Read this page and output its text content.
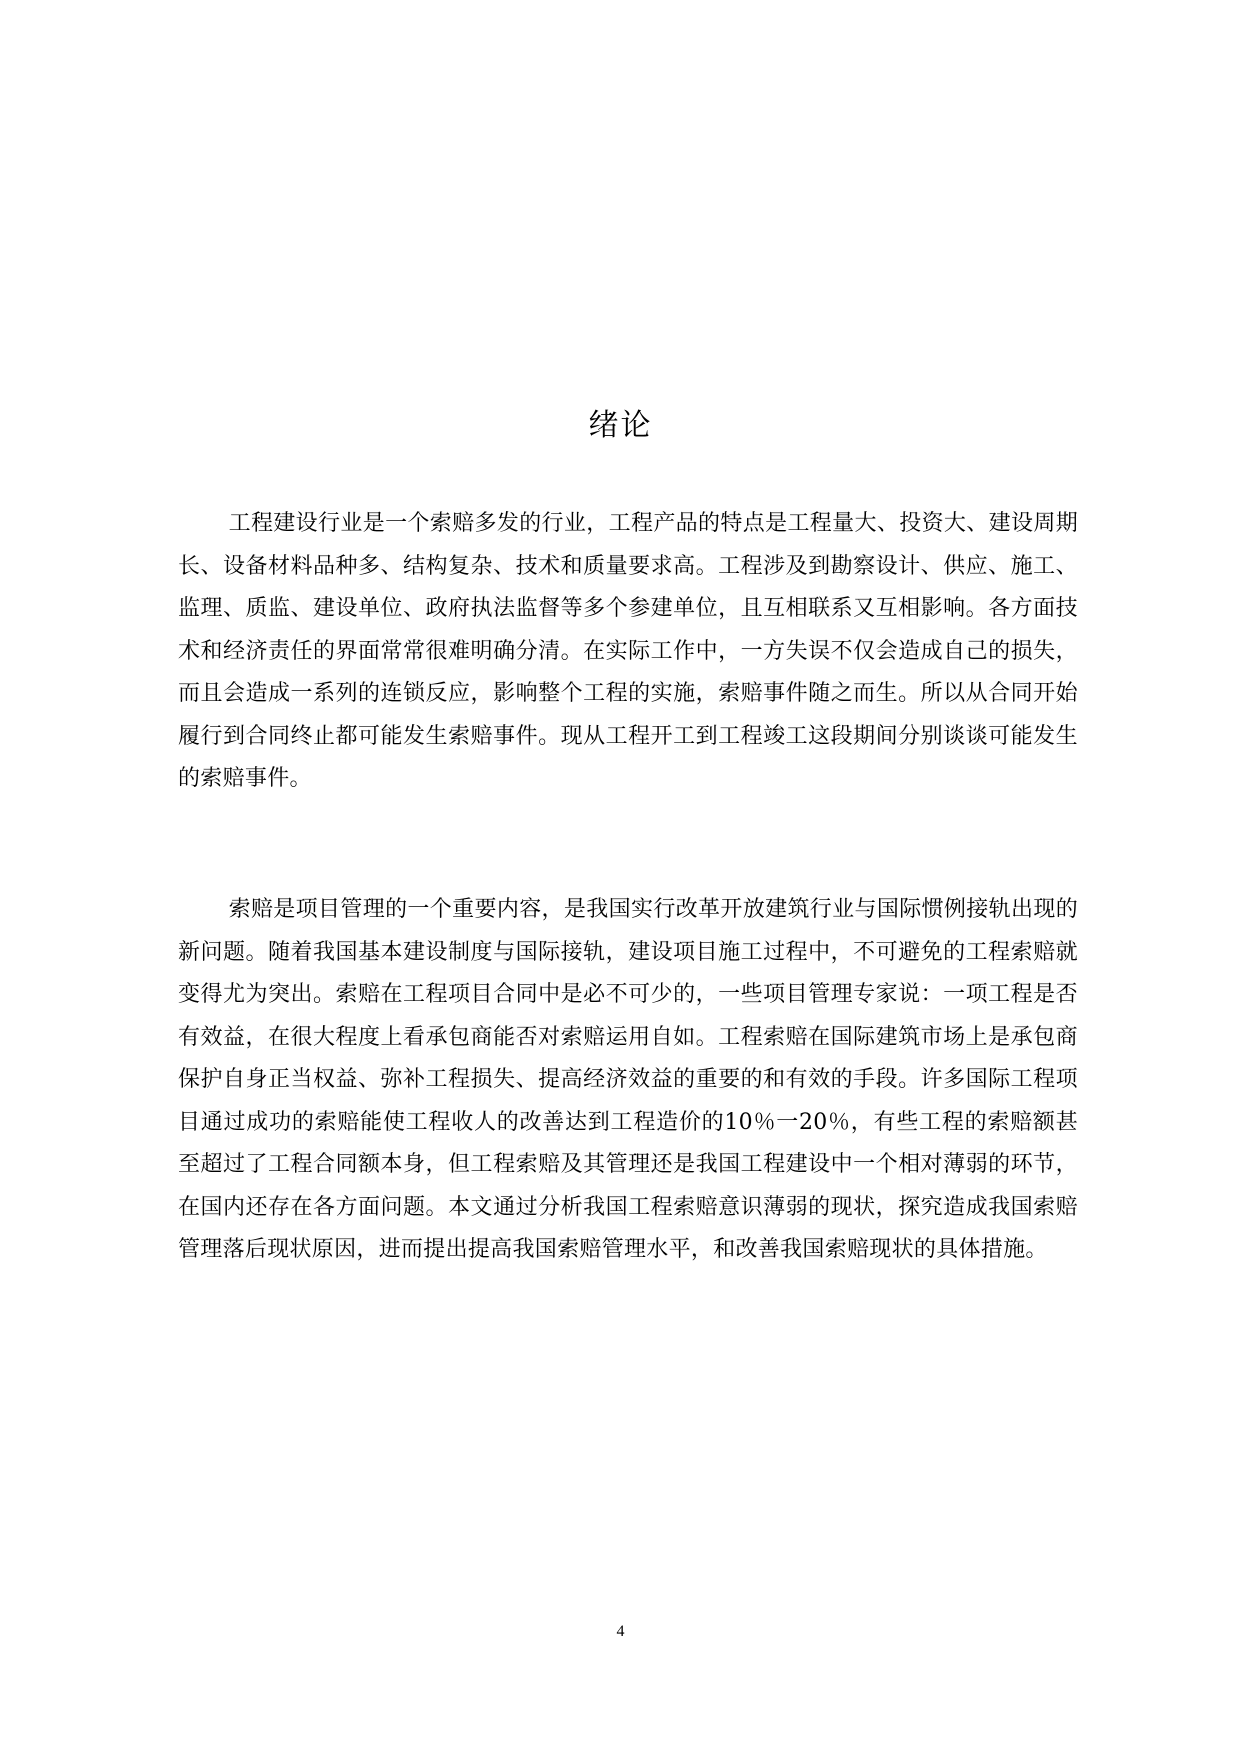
绪论

工程建设行业是一个索赔多发的行业，工程产品的特点是工程量大、投资大、建设周期长、设备材料品种多、结构复杂、技术和质量要求高。工程涉及到勘察设计、供应、施工、监理、质监、建设单位、政府执法监督等多个参建单位，且互相联系又互相影响。各方面技术和经济责任的界面常常很难明确分清。在实际工作中，一方失误不仅会造成自己的损失，而且会造成一系列的连锁反应，影响整个工程的实施，索赔事件随之而生。所以从合同开始履行到合同终止都可能发生索赔事件。现从工程开工到工程竣工这段期间分别谈谈可能发生的索赔事件。

索赔是项目管理的一个重要内容，是我国实行改革开放建筑行业与国际惯例接轨出现的新问题。随着我国基本建设制度与国际接轨，建设项目施工过程中，不可避免的工程索赔就变得尤为突出。索赔在工程项目合同中是必不可少的，一些项目管理专家说：一项工程是否有效益，在很大程度上看承包商能否对索赔运用自如。工程索赔在国际建筑市场上是承包商保护自身正当权益、弥补工程损失、提高经济效益的重要的和有效的手段。许多国际工程项目通过成功的索赔能使工程收人的改善达到工程造价的10％一20％，有些工程的索赔额甚至超过了工程合同额本身，但工程索赔及其管理还是我国工程建设中一个相对薄弱的环节，在国内还存在各方面问题。本文通过分析我国工程索赔意识薄弱的现状，探究造成我国索赔管理落后现状原因，进而提出提高我国索赔管理水平，和改善我国索赔现状的具体措施。

4
